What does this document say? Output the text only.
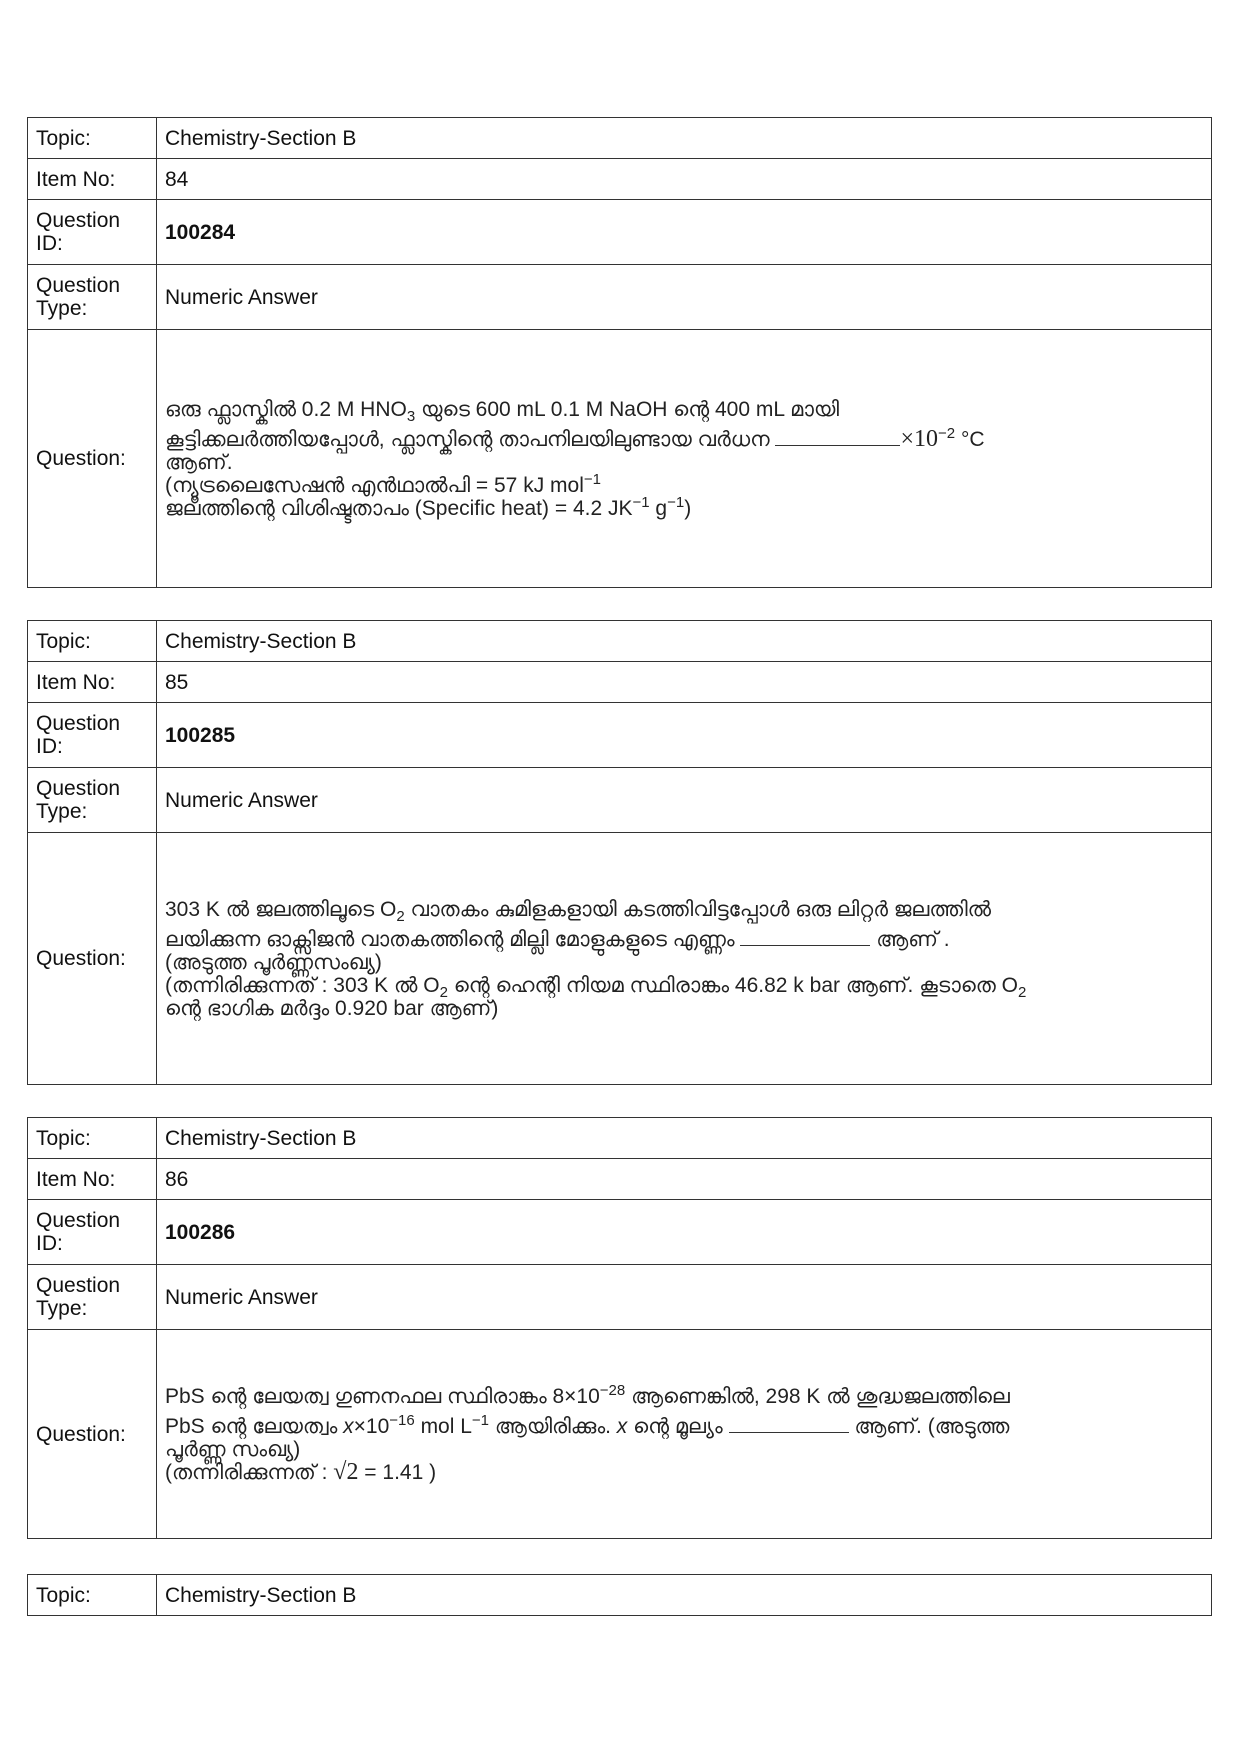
Topic:	Chemistry-Section B
Item No:	84
Question ID:	100284
Question Type:	Numeric Answer
Question:	ഒരു ഫ്ലാസ്കിൽ 0.2 M $HNO_3$ യുടെ 600 mL 0.1 M NaOH ന്റെ 400 mL മായി
കൂട്ടിക്കലർത്തിയപ്പോൾ, ഫ്ലാസ്കിന്റെ താപനിലയിലുണ്ടായ വർധന $\times 10^{-2}$ °C
ആണ്.
(ന്യൂട്രലൈസേഷൻ എൻഥാൽപി = 57 kJ mol$^{-1}$
ജലത്തിന്റെ വിശിഷ്ടതാപം (Specific heat) = 4.2 $JK^{-1}$ $g^{-1}$)
Topic:	Chemistry-Section B
Item No:	85
Question ID:	100285
Question Type:	Numeric Answer
Question:	303 K ൽ ജലത്തിലൂടെ $O_2$ വാതകം കുമിളകളായി കടത്തിവിട്ടപ്പോൾ ഒരു ലിറ്റർ ജലത്തിൽ
ലയിക്കുന്ന ഓക്സിജൻ വാതകത്തിന്റെ മില്ലി മോളുകളുടെ എണ്ണം ആണ് .
(അടുത്ത പൂർണ്ണസംഖ്യ)
(തന്നിരിക്കുന്നത് : 303 K ൽ $O_2$ ന്റെ ഹെന്റി നിയമ സ്ഥിരാങ്കം 46.82 k bar ആണ്. കൂടാതെ $O_2$
ന്റെ ഭാഗിക മർദ്ദം 0.920 bar ആണ്)
Topic:	Chemistry-Section B
Item No:	86
Question ID:	100286
Question Type:	Numeric Answer
Question:	PbS ന്റെ ലേയത്വ ഗുണനഫല സ്ഥിരാങ്കം $8\times 10^{-28}$ ആണെങ്കിൽ, 298 K ൽ ശുദ്ധജലത്തിലെ
PbS ന്റെ ലേയത്വം $x\times 10^{-16}$ mol $L^{-1}$ ആയിരിക്കും. x ന്റെ മൂല്യം ആണ്. (അടുത്ത
പൂർണ്ണ സംഖ്യ)
(തന്നിരിക്കുന്നത് : √2 = 1.41 )
Topic:	Chemistry-Section B
